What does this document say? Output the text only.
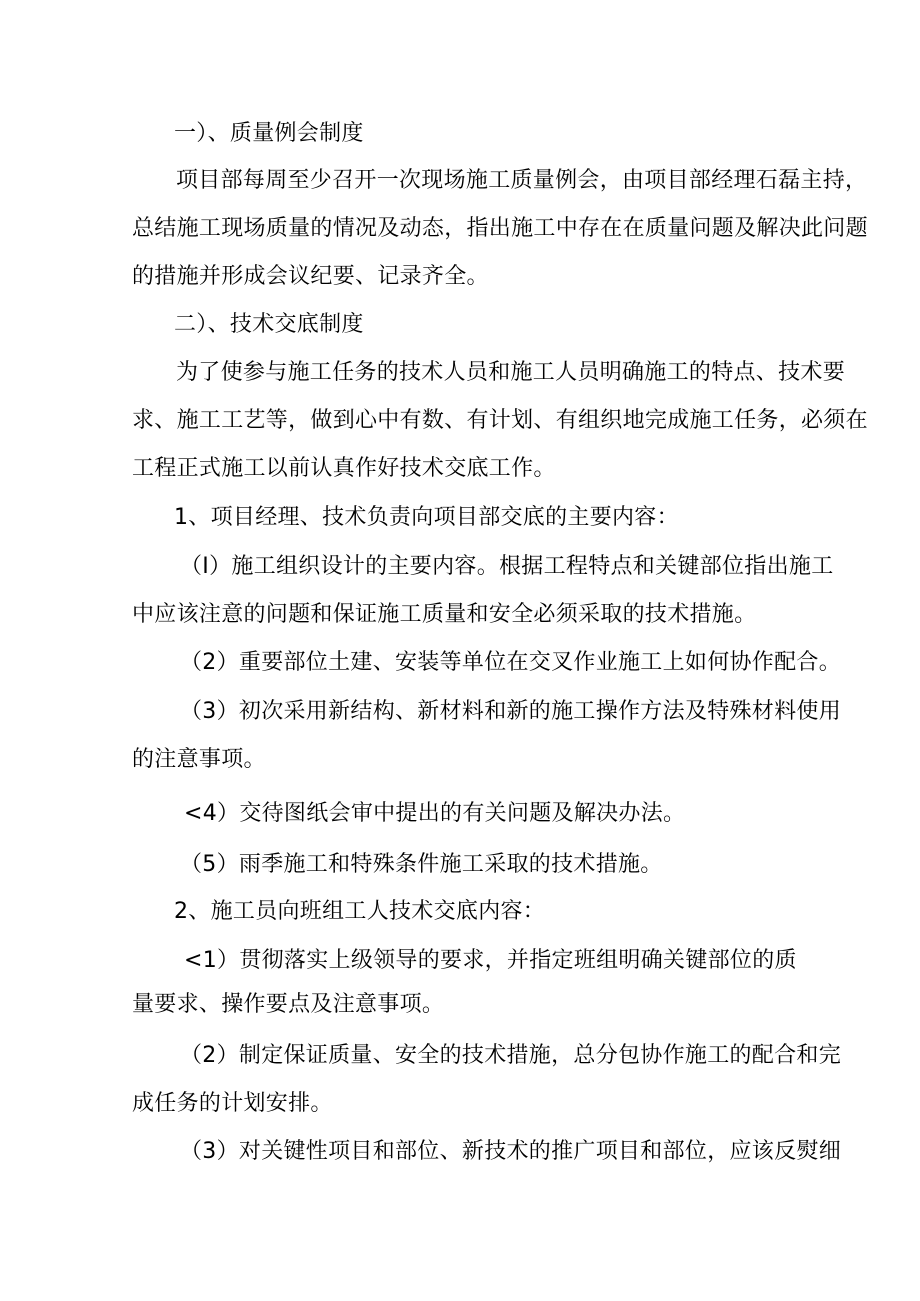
一）、质量例会制度
项目部每周至少召开一次现场施工质量例会，由项目部经理石磊主持，
总结施工现场质量的情况及动态，指出施工中存在在质量问题及解决此问题
的措施并形成会议纪要、记录齐全。
二）、技术交底制度
为了使参与施工任务的技术人员和施工人员明确施工的特点、技术要
求、施工工艺等，做到心中有数、有计划、有组织地完成施工任务，必须在
工程正式施工以前认真作好技术交底工作。
1、项目经理、技术负责向项目部交底的主要内容：
（I）施工组织设计的主要内容。根据工程特点和关键部位指出施工
中应该注意的问题和保证施工质量和安全必须采取的技术措施。
（2）重要部位土建、安装等单位在交叉作业施工上如何协作配合。
（3）初次采用新结构、新材料和新的施工操作方法及特殊材料使用
的注意事项。
<4）交待图纸会审中提出的有关问题及解决办法。
（5）雨季施工和特殊条件施工采取的技术措施。
2、施工员向班组工人技术交底内容：
<1）贯彻落实上级领导的要求，并指定班组明确关键部位的质
量要求、操作要点及注意事项。
（2）制定保证质量、安全的技术措施，总分包协作施工的配合和完
成任务的计划安排。
（3）对关键性项目和部位、新技术的推广项目和部位，应该反熨细
